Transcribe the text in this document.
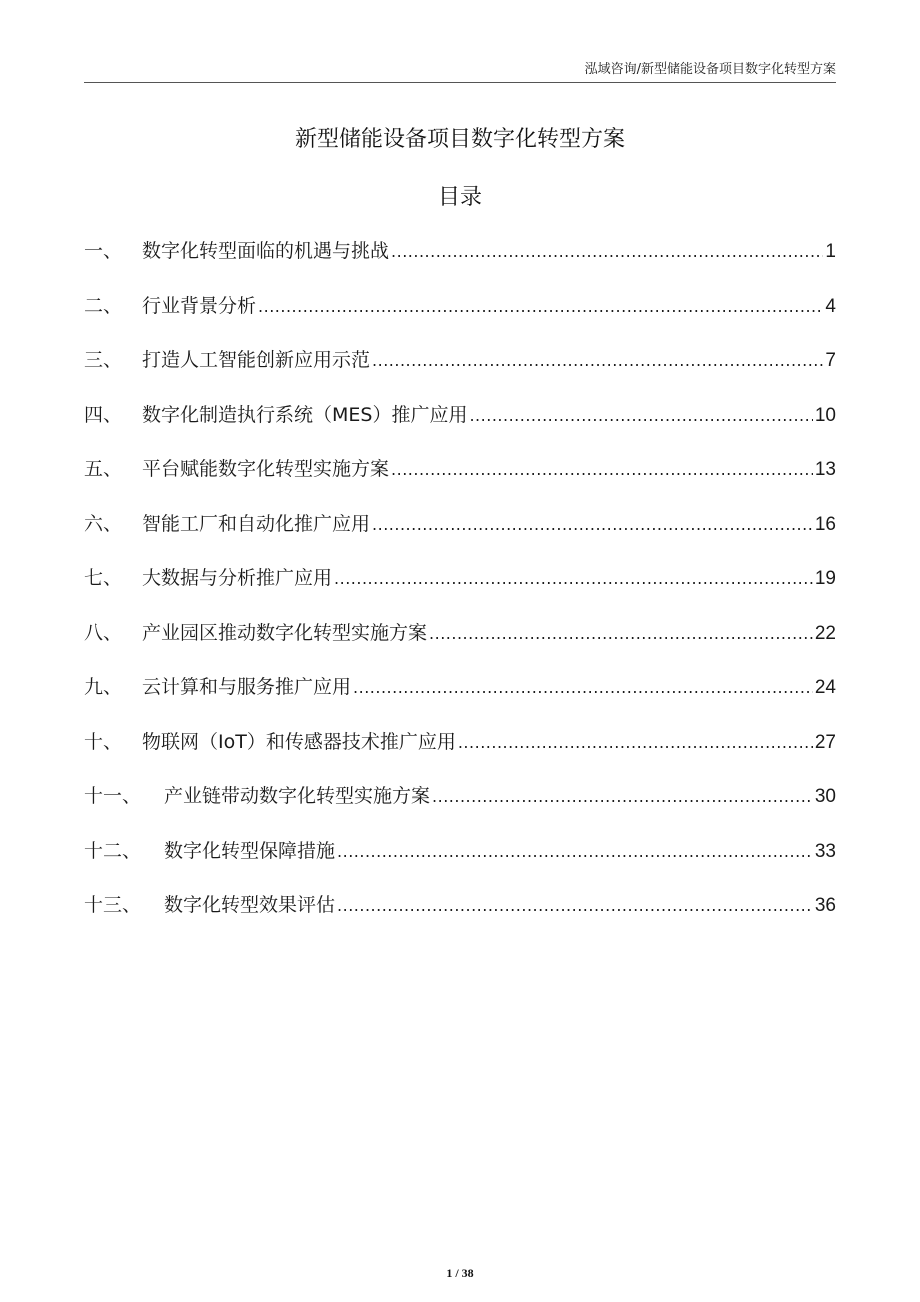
泓域咨询/新型储能设备项目数字化转型方案
新型储能设备项目数字化转型方案
目录
一、	数字化转型面临的机遇与挑战 .....	1
二、	行业背景分析 .....	4
三、	打造人工智能创新应用示范 .....	7
四、	数字化制造执行系统（MES）推广应用 .....	10
五、	平台赋能数字化转型实施方案 .....	13
六、	智能工厂和自动化推广应用 .....	16
七、	大数据与分析推广应用 .....	19
八、	产业园区推动数字化转型实施方案 .....	22
九、	云计算和与服务推广应用 .....	24
十、	物联网（IoT）和传感器技术推广应用 .....	27
十一、	产业链带动数字化转型实施方案 .....	30
十二、	数字化转型保障措施 .....	33
十三、	数字化转型效果评估 .....	36
1 / 38
